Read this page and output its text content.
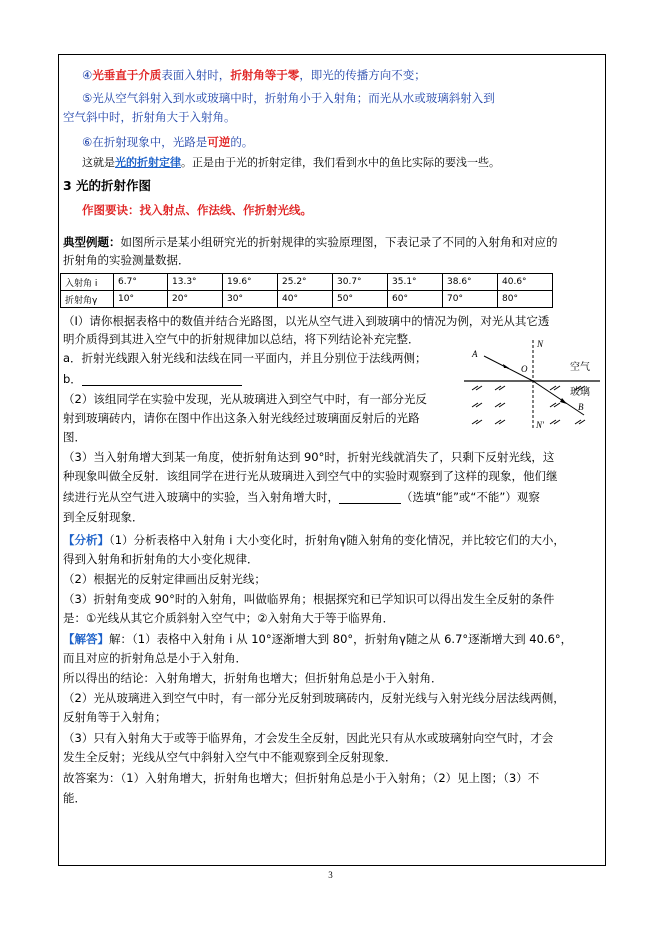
④光垂直于介质表面入射时，折射角等于零，即光的传播方向不变；
⑤光从空气斜射入到水或玻璃中时，折射角小于入射角；而光从水或玻璃斜射入到
空气斜中时，折射角大于入射角。
⑥在折射现象中，光路是可逆的。
这就是光的折射定律。正是由于光的折射定律，我们看到水中的鱼比实际的要浅一些。
3 光的折射作图
作图要诀：找入射点、作法线、作折射光线。
典型例题：如图所示是某小组研究光的折射规律的实验原理图，下表记录了不同的入射角和对应的
折射角的实验测量数据．
入射角 i	6.7°	13.3°	19.6°	25.2°	30.7°	35.1°	38.6°	40.6°
折射角γ	10°	20°	30°	40°	50°	60°	70°	80°
（Ⅰ）请你根据表格中的数值并结合光路图，以光从空气进入到玻璃中的情况为例，对光从其它透
明介质得到其进入空气中的折射规律加以总结，将下列结论补充完整．
a．折射光线跟入射光线和法线在同一平面内，并且分别位于法线两侧；
b．
（2）该组同学在实验中发现，光从玻璃进入到空气中时，有一部分光反
射到玻璃砖内，请你在图中作出这条入射光线经过玻璃面反射后的光路
图．
N
N'
A
O
B
空气
玻璃
（3）当入射角增大到某一角度，使折射角达到 90°时，折射光线就消失了，只剩下反射光线，这
种现象叫做全反射．该组同学在进行光从玻璃进入到空气中的实验时观察到了这样的现象，他们继
续进行光从空气进入玻璃中的实验，当入射角增大时，	（选填“能”或“不能”）观察
到全反射现象．
【分析】（1）分析表格中入射角 i 大小变化时，折射角γ随入射角的变化情况，并比较它们的大小，
得到入射角和折射角的大小变化规律．
（2）根据光的反射定律画出反射光线；
（3）折射角变成 90°时的入射角，叫做临界角；根据探究和已学知识可以得出发生全反射的条件
是：①光线从其它介质斜射入空气中；②入射角大于等于临界角．
【解答】解：（1）表格中入射角 i 从 10°逐渐增大到 80°，折射角γ随之从 6.7°逐渐增大到 40.6°，
而且对应的折射角总是小于入射角．
所以得出的结论：入射角增大，折射角也增大；但折射角总是小于入射角．
（2）光从玻璃进入到空气中时，有一部分光反射到玻璃砖内，反射光线与入射光线分居法线两侧，
反射角等于入射角；
（3）只有入射角大于或等于临界角，才会发生全反射，因此光只有从水或玻璃射向空气时，才会
发生全反射；光线从空气中斜射入空气中不能观察到全反射现象．
故答案为：（1）入射角增大，折射角也增大；但折射角总是小于入射角；（2）见上图；（3）不
能．
3
